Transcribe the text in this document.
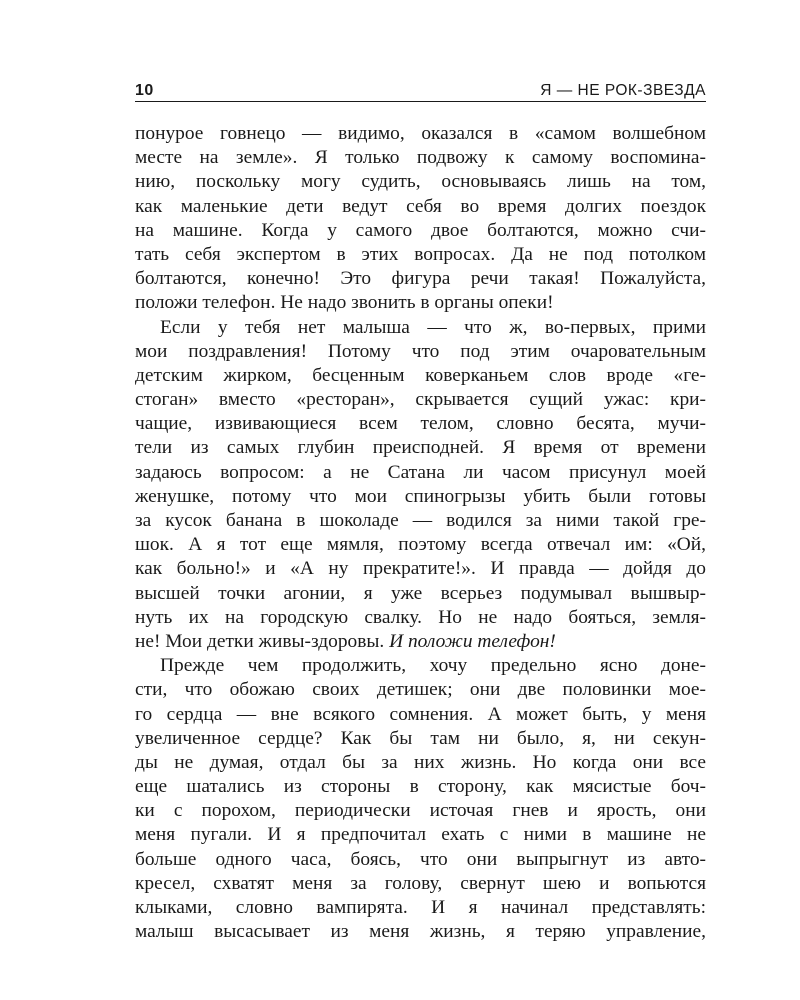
10	Я — НЕ РОК-ЗВЕЗДА
понурое говнецо — видимо, оказался в «самом волшебном
месте на земле». Я только подвожу к самому воспомина-
нию, поскольку могу судить, основываясь лишь на том,
как маленькие дети ведут себя во время долгих поездок
на машине. Когда у самого двое болтаются, можно счи-
тать себя экспертом в этих вопросах. Да не под потолком
болтаются, конечно! Это фигура речи такая! Пожалуйста,
положи телефон. Не надо звонить в органы опеки!
Если у тебя нет малыша — что ж, во-первых, прими
мои поздравления! Потому что под этим очаровательным
детским жирком, бесценным коверканьем слов вроде «ге-
стоган» вместо «ресторан», скрывается сущий ужас: кри-
чащие, извивающиеся всем телом, словно бесята, мучи-
тели из самых глубин преисподней. Я время от времени
задаюсь вопросом: а не Сатана ли часом присунул моей
женушке, потому что мои спиногрызы убить были готовы
за кусок банана в шоколаде — водился за ними такой гре-
шок. А я тот еще мямля, поэтому всегда отвечал им: «Ой,
как больно!» и «А ну прекратите!». И правда — дойдя до
высшей точки агонии, я уже всерьез подумывал вышвыр-
нуть их на городскую свалку. Но не надо бояться, земля-
не! Мои детки живы-здоровы. И положи телефон!
Прежде чем продолжить, хочу предельно ясно доне-
сти, что обожаю своих детишек; они две половинки мое-
го сердца — вне всякого сомнения. А может быть, у меня
увеличенное сердце? Как бы там ни было, я, ни секун-
ды не думая, отдал бы за них жизнь. Но когда они все
еще шатались из стороны в сторону, как мясистые боч-
ки с порохом, периодически источая гнев и ярость, они
меня пугали. И я предпочитал ехать с ними в машине не
больше одного часа, боясь, что они выпрыгнут из авто-
кресел, схватят меня за голову, свернут шею и вопьются
клыками, словно вампирята. И я начинал представлять:
малыш высасывает из меня жизнь, я теряю управление,
